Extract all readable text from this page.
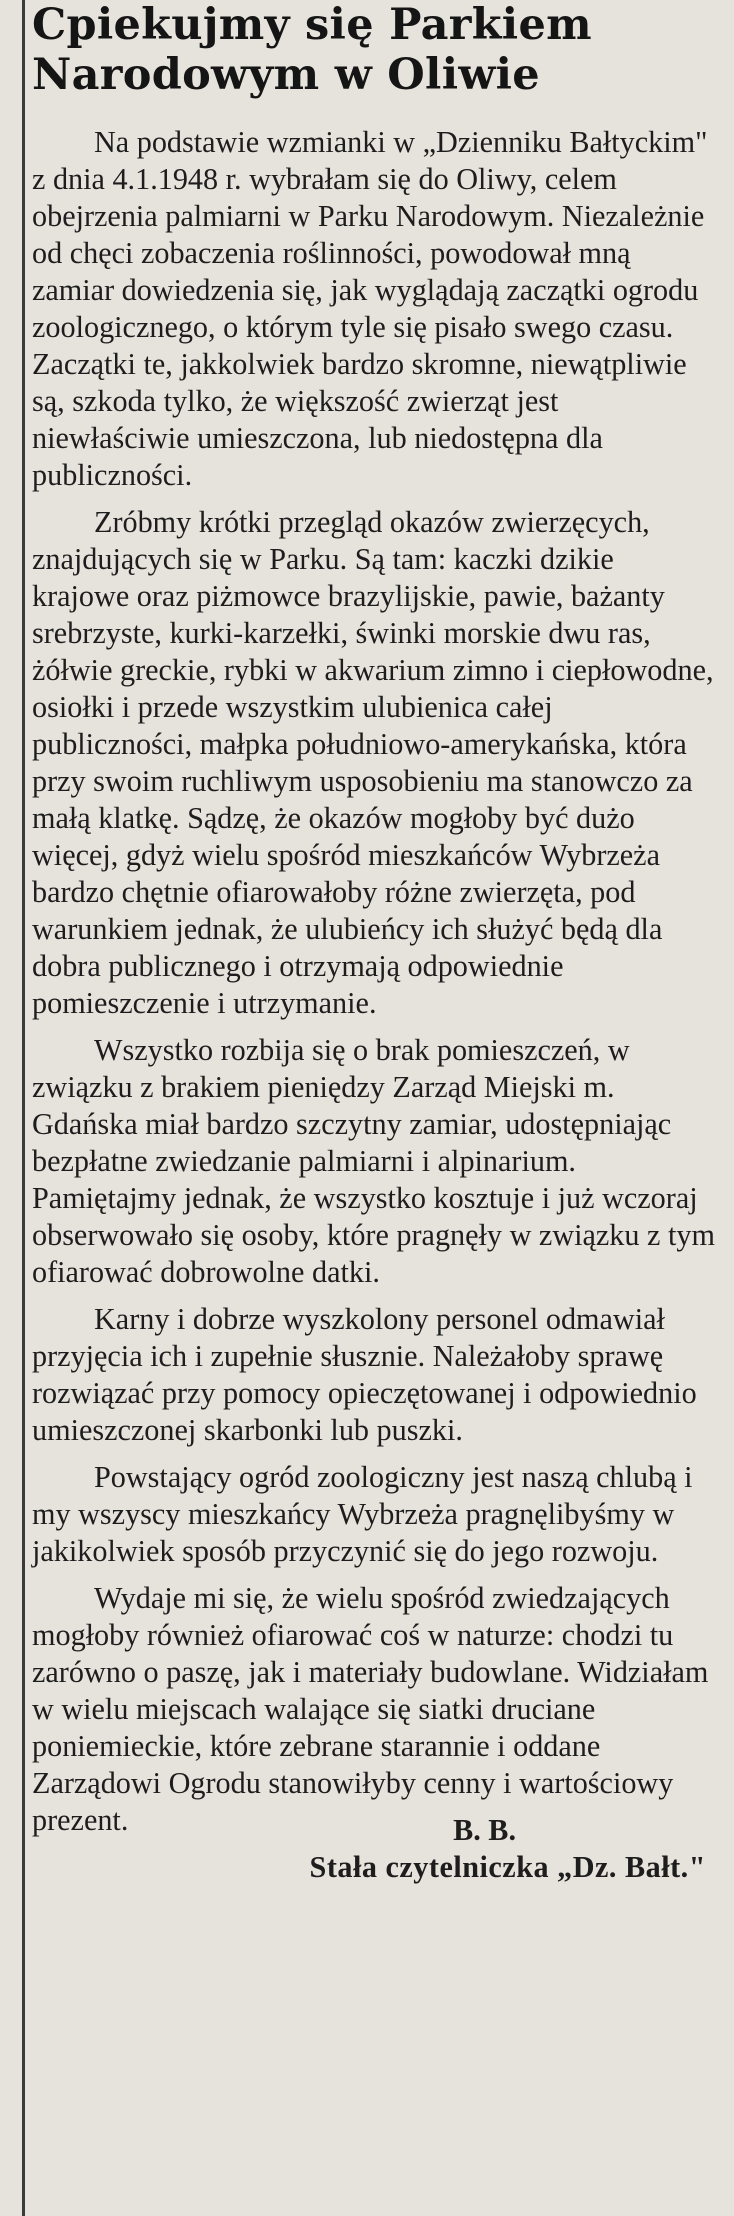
Cpiekujmy się Parkiem
Narodowym w Oliwie

Na podstawie wzmianki w „Dzienniku Bałtyckim" z dnia 4.1.1948 r. wybrałam się do Oliwy, celem obejrzenia palmiarni w Parku Narodowym. Niezależnie od chęci zobaczenia roślinności, powodował mną zamiar dowiedzenia się, jak wyglądają zaczątki ogrodu zoologicznego, o którym tyle się pisało swego czasu. Zaczątki te, jakkolwiek bardzo skromne, niewątpliwie są, szkoda tylko, że większość zwierząt jest niewłaściwie umieszczona, lub niedostępna dla publiczności.

Zróbmy krótki przegląd okazów zwierzęcych, znajdujących się w Parku. Są tam: kaczki dzikie krajowe oraz piżmowce brazylijskie, pawie, bażanty srebrzyste, kurki-karzełki, świnki morskie dwu ras, żółwie greckie, rybki w akwarium zimno i ciepłowodne, osiołki i przede wszystkim ulubienica całej publiczności, małpka południowo-amerykańska, która przy swoim ruchliwym usposobieniu ma stanowczo za małą klatkę. Sądzę, że okazów mogłoby być dużo więcej, gdyż wielu spośród mieszkańców Wybrzeża bardzo chętnie ofiarowałoby różne zwierzęta, pod warunkiem jednak, że ulubieńcy ich służyć będą dla dobra publicznego i otrzymają odpowiednie pomieszczenie i utrzymanie.

Wszystko rozbija się o brak pomieszczeń, w związku z brakiem pieniędzy Zarząd Miejski m. Gdańska miał bardzo szczytny zamiar, udostępniając bezpłatne zwiedzanie palmiarni i alpinarium. Pamiętajmy jednak, że wszystko kosztuje i już wczoraj obserwowało się osoby, które pragnęły w związku z tym ofiarować dobrowolne datki.

Karny i dobrze wyszkolony personel odmawiał przyjęcia ich i zupełnie słusznie. Należałoby sprawę rozwiązać przy pomocy opieczętowanej i odpowiednio umieszczonej skarbonki lub puszki.

Powstający ogród zoologiczny jest naszą chlubą i my wszyscy mieszkańcy Wybrzeża pragnęlibyśmy w jakikolwiek sposób przyczynić się do jego rozwoju.

Wydaje mi się, że wielu spośród zwiedzających mogłoby również ofiarować coś w naturze: chodzi tu zarówno o paszę, jak i materiały budowlane. Widziałam w wielu miejscach walające się siatki druciane poniemieckie, które zebrane starannie i oddane Zarządowi Ogrodu stanowiłyby cenny i wartościowy prezent.	B. B.
Stała czytelniczka „Dz. Bałt."
